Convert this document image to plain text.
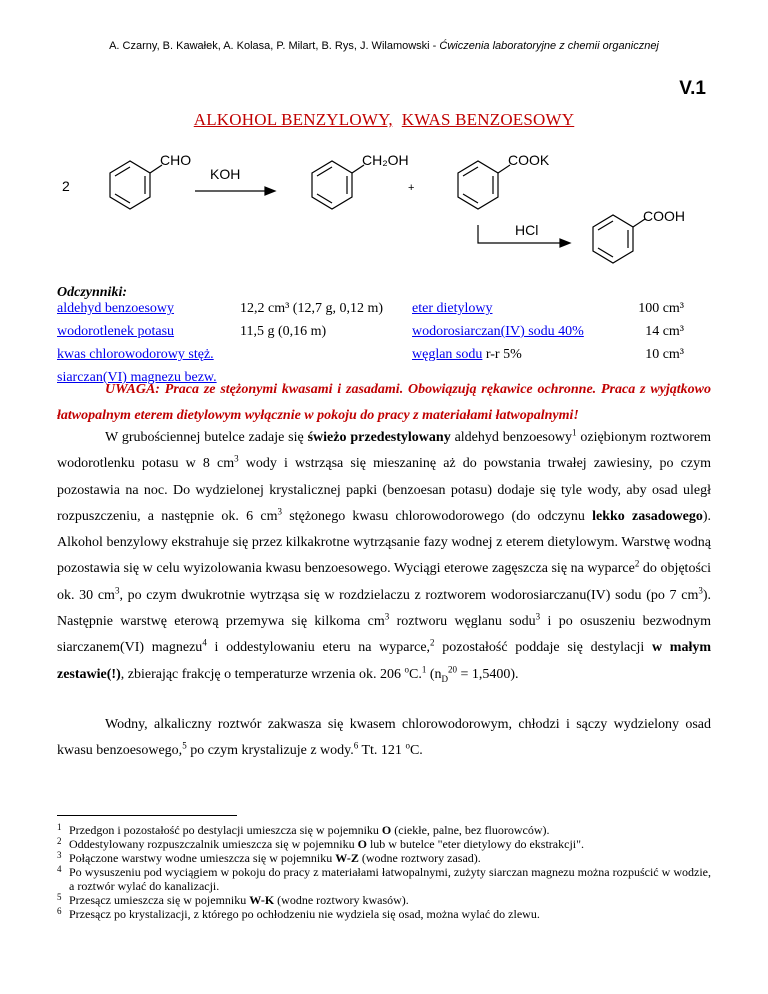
A. Czarny, B. Kawałek, A. Kolasa, P. Milart, B. Rys, J. Wilamowski - Ćwiczenia laboratoryjne z chemii organicznej
V.1
ALKOHOL BENZYLOWY, KWAS BENZOESOWY
2
CHO
KOH
CH₂OH
+
COOK
HCl
COOH
Odczynniki:
aldehyd benzoesowy
wodorotlenek potasu
kwas chlorowodorowy stęż.
siarczan(VI) magnezu bezw.
12,2 cm³ (12,7 g, 0,12 m)
11,5 g (0,16 m)
eter dietylowy
wodorosiarczan(IV) sodu 40%
węglan sodu r-r 5%
100 cm³
14 cm³
10 cm³
UWAGA: Praca ze stężonymi kwasami i zasadami. Obowiązują rękawice ochronne. Praca z wyjątkowo łatwopalnym eterem dietylowym wyłącznie w pokoju do pracy z materiałami łatwopalnymi!
W grubościennej butelce zadaje się świeżo przedestylowany aldehyd benzoesowy$^1$ oziębionym roztworem wodorotlenku potasu w 8 $cm^3$ wody i wstrząsa się mieszaninę aż do powstania trwałej zawiesiny, po czym pozostawia na noc. Do wydzielonej krystalicznej papki (benzoesan potasu) dodaje się tyle wody, aby osad uległ rozpuszczeniu, a następnie ok. 6 $cm^3$ stężonego kwasu chlorowodorowego (do odczynu lekko zasadowego). Alkohol benzylowy ekstrahuje się przez kilkakrotne wytrząsanie fazy wodnej z eterem dietylowym. Warstwę wodną pozostawia się w celu wyizolowania kwasu benzoesowego. Wyciągi eterowe zagęszcza się na wyparce$^2$ do objętości ok. 30 $cm^3$, po czym dwukrotnie wytrząsa się w rozdzielaczu z roztworem wodorosiarczanu(IV) sodu (po 7 $cm^3$). Następnie warstwę eterową przemywa się kilkoma $cm^3$ roztworu węglanu sodu$^3$ i po osuszeniu bezwodnym siarczanem(VI) magnezu$^4$ i oddestylowaniu eteru na wyparce,$^2$ pozostałość poddaje się destylacji w małym zestawie(!), zbierając frakcję o temperaturze wrzenia ok. 206 $^o$C.$^1$ $(n_D^{20} = 1,5400)$.
Wodny, alkaliczny roztwór zakwasza się kwasem chlorowodorowym, chłodzi i sączy wydzielony osad kwasu benzoesowego,$^5$ po czym krystalizuje z wody.$^6$ Tt. 121 $^o$C.
1 Przedgon i pozostałość po destylacji umieszcza się w pojemniku O (ciekłe, palne, bez fluorowców).
2 Oddestylowany rozpuszczalnik umieszcza się w pojemniku O lub w butelce "eter dietylowy do ekstrakcji".
3 Połączone warstwy wodne umieszcza się w pojemniku W-Z (wodne roztwory zasad).
4 Po wysuszeniu pod wyciągiem w pokoju do pracy z materiałami łatwopalnymi, zużyty siarczan magnezu można rozpuścić w wodzie, a roztwór wylać do kanalizacji.
5 Przesącz umieszcza się w pojemniku W-K (wodne roztwory kwasów).
6 Przesącz po krystalizacji, z którego po ochłodzeniu nie wydziela się osad, można wylać do zlewu.
